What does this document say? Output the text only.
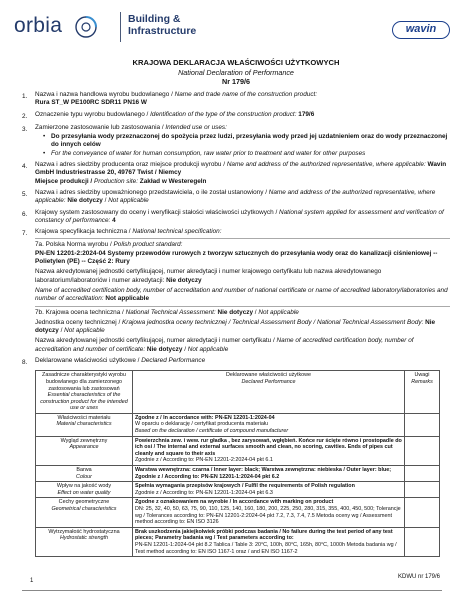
orbia	Building &
Infrastructure	wavin
KRAJOWA DEKLARACJA WŁAŚCIWOŚCI UŻYTKOWYCH
National Declaration of Performance
Nr 179/6
1.	Nazwa i nazwa handlowa wyrobu budowlanego / Name and trade name of the construction product:
Rura ST_W PE100RC SDR11 PN16 W
2.	Oznaczenie typu wyrobu budowlanego / Identification of the type of the construction product: 179/6
3.	Zamierzone zastosowanie lub zastosowania / Intended use or uses:
• Do przesyłania wody przeznaczonej do spożycia przez ludzi, przesyłania wody przed jej uzdatnieniem oraz do wody przeznaczonej do innych celów
• For the conveyance of water for human consumption, raw water prior to treatment and water for other purposes
4.	Nazwa i adres siedziby producenta oraz miejsce produkcji wyrobu / Name and address of the authorized representative, where applicable: Wavin GmbH Industriestrasse 20, 49767 Twist / Niemcy
Miejsce produkcji / Production site: Zakład w Westeregeln
5.	Nazwa i adres siedziby upoważnionego przedstawiciela, o ile został ustanowiony / Name and address of the authorized representative, where applicable: Nie dotyczy / Not applicable
6.	Krajowy system zastosowany do oceny i weryfikacji stałości właściwości użytkowych / National system applied for assessment and verification of constancy of performance: 4
7.	Krajowa specyfikacja techniczna / National technical specification:
7a. Polska Norma wyrobu / Polish product standard:
PN-EN 12201-2:2024-04 Systemy przewodów rurowych z tworzyw sztucznych do przesyłania wody oraz do kanalizacji ciśnieniowej -- Polietylen (PE) -- Część 2: Rury
Nazwa akredytowanej jednostki certyfikującej, numer akredytacji i numer krajowego certyfikatu lub nazwa akredytowanego laboratorium/laboratoriów i numer akredytacji: Nie dotyczy
Name of accredited certification body, number of accreditation and number of national certificate or name of accredited laboratory/laboratories and number of accreditation: Not applicable
7b. Krajowa ocena techniczna / National Technical Assessment: Nie dotyczy / Not applicable
Jednostka oceny technicznej / Krajowa jednostka oceny technicznej / Technical Assessment Body / National Technical Assessment Body: Nie dotyczy / Not applicable
Nazwa akredytowanej jednostki certyfikującej, numer akredytacji i numer certyfikatu / Name of accredited certification body, number of accreditation and number of certificate: Nie dotyczy / Not applicable
8.	Deklarowane właściwości użytkowe / Declared Performance
Zasadnicze charakterystyki wyrobu budowlanego dla zamierzonego zastosowania lub zastosowań
Essential characteristics of the construction product for the intended use or uses	Deklarowane właściwości użytkowe
Declared Performance	Uwagi
Remarks
Właściwości materiału
Material characteristics	Zgodne z / In accordance with: PN-EN 12201-1:2024-04
W oparciu o deklarację / certyfikat producenta materiału
Based on the declaration / certificate of compound manufacturer	
Wygląd zewnętrzny
Appearance	Powierzchnia zew. i wew. rur gładka , bez zarysowań, wgłębień. Końce rur ścięte równo i prostopadle do ich osi / The internal and external surfaces smooth and clean, no scoring, cavities. Ends of pipes cut cleanly and square to their axis
Zgodnie z / According to: PN-EN 12201-2:2024-04 pkt 6.1	
Barwa
Colour	Warstwa wewnętrzna: czarna / Inner layer: black; Warstwa zewnętrzna: niebieska / Outer layer: blue; Zgodnie z / According to: PN-EN 12201-1:2024-04 pkt 6.2	
Wpływ na jakość wody
Effect on water quality	Spełnia wymagania przepisów krajowych / Fulfil the requirements of Polish regulation
Zgodnie z / According to: PN-EN 12201-1:2024-04 pkt 6.3	
Cechy geometryczne
Geometrical characteristics	Zgodne z oznakowaniem na wyrobie / In accordance with marking on product
DN: 25, 32, 40, 50, 63, 75, 90, 110, 125, 140, 160, 180, 200, 225, 250, 280, 315, 355, 400, 450, 500; Tolerancje wg / Tolerances according to: PN-EN 12201-2:2024-04 pkt 7.2, 7.3, 7.4, 7.5 Metoda oceny wg / Assessment method according to: EN ISO 3126	
Wytrzymałość hydrostatyczna
Hydrostatic strength	Brak uszkodzenia jakiejkolwiek próbki podczas badania / No failure during the test period of any test pieces; Parametry badania wg / Test parameters according to:
PN-EN 12201-1:2024-04 pkt 8.2 Tablica / Table 3: 20°C, 100h, 80°C, 165h, 80°C, 1000h Metoda badania wg / Test method according to: EN ISO 1167-1 oraz / and EN ISO 1167-2	
1
KDWU nr 179/6
